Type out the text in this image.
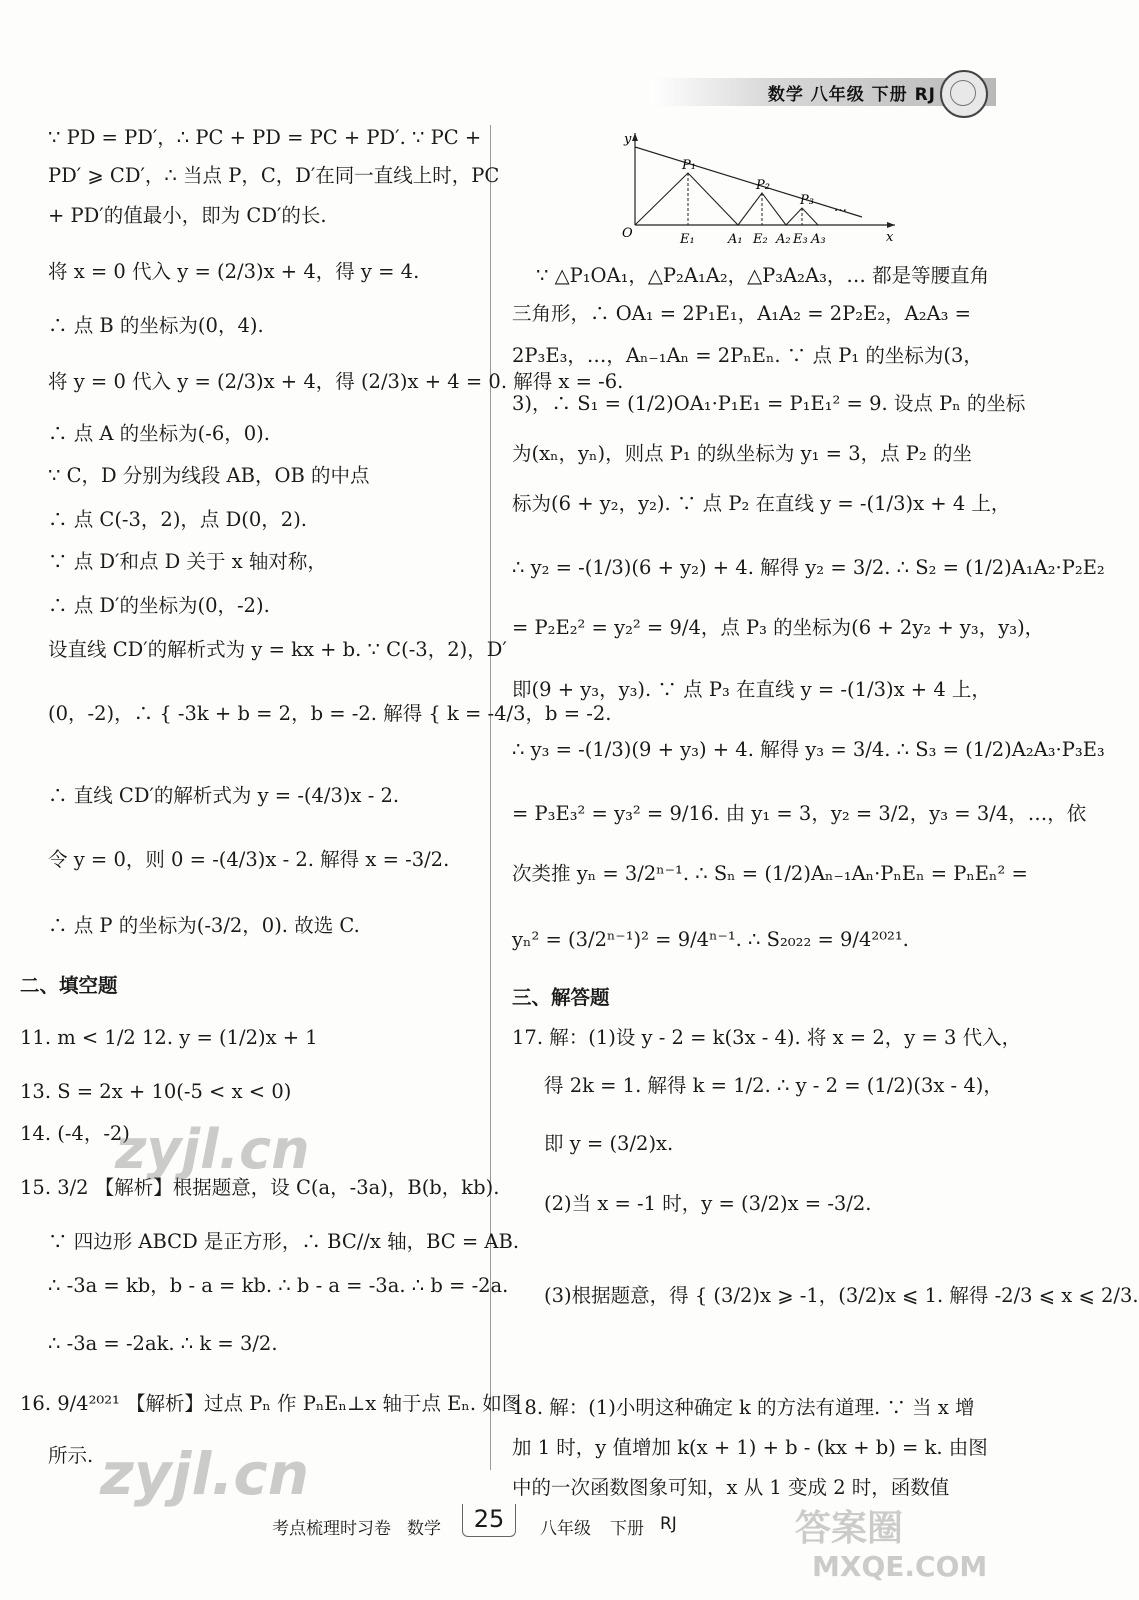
数学 八年级 下册 RJ
∵ PD = PD′，∴ PC + PD = PC + PD′. ∵ PC +
PD′ ⩾ CD′，∴ 当点 P，C，D′在同一直线上时，PC
+ PD′的值最小，即为 CD′的长.
将 x = 0 代入 y = (2/3)x + 4，得 y = 4.
∴ 点 B 的坐标为(0，4).
将 y = 0 代入 y = (2/3)x + 4，得 (2/3)x + 4 = 0. 解得 x = -6.
∴ 点 A 的坐标为(-6，0).
∵ C，D 分别为线段 AB，OB 的中点
∴ 点 C(-3，2)，点 D(0，2).
∵ 点 D′和点 D 关于 x 轴对称，
∴ 点 D′的坐标为(0，-2).
设直线 CD′的解析式为 y = kx + b. ∵ C(-3，2)，D′
(0，-2)，∴ { -3k + b = 2，b = -2. 解得 { k = -4/3，b = -2.
∴ 直线 CD′的解析式为 y = -(4/3)x - 2.
令 y = 0，则 0 = -(4/3)x - 2. 解得 x = -3/2.
∴ 点 P 的坐标为(-3/2，0). 故选 C.
二、填空题
11. m < 1/2 12. y = (1/2)x + 1
13. S = 2x + 10(-5 < x < 0)
14. (-4，-2)
15. 3/2 【解析】根据题意，设 C(a，-3a)，B(b，kb).
∵ 四边形 ABCD 是正方形，∴ BC//x 轴，BC = AB.
∴ -3a = kb，b - a = kb. ∴ b - a = -3a. ∴ b = -2a.
∴ -3a = -2ak. ∴ k = 3/2.
16. 9/4²⁰²¹ 【解析】过点 Pₙ 作 PₙEₙ⊥x 轴于点 Eₙ. 如图
所示.
y
x
O
P₁
P₂
P₃ …
E₁	A₁ E₂ A₂ E₃ A₃
∵ △P₁OA₁，△P₂A₁A₂，△P₃A₂A₃，… 都是等腰直角
三角形，∴ OA₁ = 2P₁E₁，A₁A₂ = 2P₂E₂，A₂A₃ =
2P₃E₃，…，Aₙ₋₁Aₙ = 2PₙEₙ. ∵ 点 P₁ 的坐标为(3，
3)，∴ S₁ = (1/2)OA₁·P₁E₁ = P₁E₁² = 9. 设点 Pₙ 的坐标
为(xₙ，yₙ)，则点 P₁ 的纵坐标为 y₁ = 3，点 P₂ 的坐
标为(6 + y₂，y₂). ∵ 点 P₂ 在直线 y = -(1/3)x + 4 上，
∴ y₂ = -(1/3)(6 + y₂) + 4. 解得 y₂ = 3/2. ∴ S₂ = (1/2)A₁A₂·P₂E₂
= P₂E₂² = y₂² = 9/4，点 P₃ 的坐标为(6 + 2y₂ + y₃，y₃)，
即(9 + y₃，y₃). ∵ 点 P₃ 在直线 y = -(1/3)x + 4 上，
∴ y₃ = -(1/3)(9 + y₃) + 4. 解得 y₃ = 3/4. ∴ S₃ = (1/2)A₂A₃·P₃E₃
= P₃E₃² = y₃² = 9/16. 由 y₁ = 3，y₂ = 3/2，y₃ = 3/4，…，依
次类推 yₙ = 3/2ⁿ⁻¹. ∴ Sₙ = (1/2)Aₙ₋₁Aₙ·PₙEₙ = PₙEₙ² =
yₙ² = (3/2ⁿ⁻¹)² = 9/4ⁿ⁻¹. ∴ S₂₀₂₂ = 9/4²⁰²¹.
三、解答题
17. 解：(1)设 y - 2 = k(3x - 4). 将 x = 2，y = 3 代入，
得 2k = 1. 解得 k = 1/2. ∴ y - 2 = (1/2)(3x - 4)，
即 y = (3/2)x.
(2)当 x = -1 时，y = (3/2)x = -3/2.
(3)根据题意，得 { (3/2)x ⩾ -1，(3/2)x ⩽ 1. 解得 -2/3 ⩽ x ⩽ 2/3.
18. 解：(1)小明这种确定 k 的方法有道理. ∵ 当 x 增
加 1 时，y 值增加 k(x + 1) + b - (kx + b) = k. 由图
中的一次函数图象可知，x 从 1 变成 2 时，函数值
zyjl.cn
zyjl.cn
答案圈
MXQE.COM
考点梳理时习卷 数学	25	八年级 下册 RJ
